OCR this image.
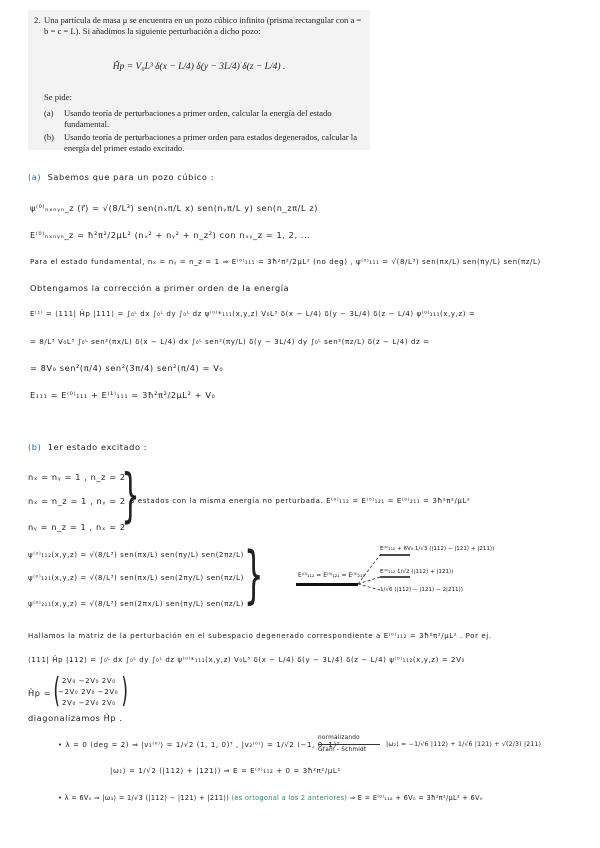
2. Una partícula de masa μ se encuentra en un pozo cúbico infinito (prisma rectangular con a = b = c = L). Si añadimos la siguiente perturbación a dicho pozo:
Ĥp = V₀L³ δ(x − L/4) δ(y − 3L/4) δ(z − L/4) .
Se pide:
(a) Usando teoría de perturbaciones a primer orden, calcular la energía del estado fundamental.
(b) Usando teoría de perturbaciones a primer orden para estados degenerados, calcular la energía del primer estado excitado.
(a) Sabemos que para un pozo cúbico :
ψ⁽⁰⁾ₙₓₙᵧₙ_z (r⃗) = √(8/L³) sen(nₓπ/L x) sen(nᵧπ/L y) sen(n_zπ/L z)
E⁽⁰⁾ₙₓₙᵧₙ_z = ħ²π²/2μL² (nₓ² + nᵧ² + n_z²) con nₓᵧ_z = 1, 2, ...
Para el estado fundamental, nₓ = nᵧ = n_z = 1 ⇒ E⁽⁰⁾₁₁₁ = 3ħ²π²/2μL² (no deg) , ψ⁽⁰⁾₁₁₁ = √(8/L³) sen(πx/L) sen(πy/L) sen(πz/L)
Obtengamos la corrección a primer orden de la energía
E⁽¹⁾ = ⟨111| Ĥp |111⟩ = ∫₀ᴸ dx ∫₀ᴸ dy ∫₀ᴸ dz ψ⁽⁰⁾*₁₁₁(x,y,z) V₀L³ δ(x − L/4) δ(y − 3L/4) δ(z − L/4) ψ⁽⁰⁾₁₁₁(x,y,z) =
= 8/L³ V₀L³ ∫₀ᴸ sen²(πx/L) δ(x − L/4) dx ∫₀ᴸ sen²(πy/L) δ(y − 3L/4) dy ∫₀ᴸ sen²(πz/L) δ(z − L/4) dz =
= 8V₀ sen²(π/4) sen²(3π/4) sen²(π/4) = V₀
E₁₁₁ = E⁽⁰⁾₁₁₁ + E⁽¹⁾₁₁₁ = 3ħ²π²/2μL² + V₀
(b) 1er estado excitado :
nₓ = nᵧ = 1 , n_z = 2
nₓ = n_z = 1 , nᵧ = 2
nᵧ = n_z = 1 , nₓ = 2
}
3 estados con la misma energía no perturbada. E⁽⁰⁾₁₁₂ = E⁽⁰⁾₁₂₁ = E⁽⁰⁾₂₁₁ = 3ħ²π²/μL²
ψ⁽⁰⁾₁₁₂(x,y,z) = √(8/L³) sen(πx/L) sen(πy/L) sen(2πz/L)
ψ⁽⁰⁾₁₂₁(x,y,z) = √(8/L³) sen(πx/L) sen(2πy/L) sen(πz/L)
ψ⁽⁰⁾₂₁₁(x,y,z) = √(8/L³) sen(2πx/L) sen(πy/L) sen(πz/L) }	E⁽⁰⁾₁₁₂ = E⁽⁰⁾₁₂₁ = E⁽⁰⁾₂₁₁
E⁽⁰⁾₁₁₂ + 6V₀ 1/√3 (|112⟩ − |121⟩ + |211⟩)
E⁽⁰⁾₁₁₂ 1/√2 (|112⟩ + |121⟩)
1/√6 (|112⟩ − |121⟩ − 2|211⟩)
Hallamos la matriz de la perturbación en el subespacio degenerado correspondiente a E⁽⁰⁾₁₁₂ = 3ħ²π²/μL² . Por ej.
⟨111| Ĥp |112⟩ = ∫₀ᴸ dx ∫₀ᴸ dy ∫₀ᴸ dz ψ⁽⁰⁾*₁₁₁(x,y,z) V₀L³ δ(x − L/4) δ(y − 3L/4) δ(z − L/4) ψ⁽⁰⁾₁₁₂(x,y,z) = 2V₀
Ĥp = ( 2V₀ −2V₀ 2V₀
−2V₀ 2V₀ −2V₀
2V₀ −2V₀ 2V₀ )
diagonalizamos Ĥp .
• λ = 0 (deg = 2) ⇒ |v₁⁽⁰⁾⟩ = 1/√2 (1, 1, 0)ᵀ , |v₂⁽⁰⁾⟩ = 1/√2 (−1, 0, 1)ᵀ
normalizando
Gram - Schmidt
|ω₂⟩ = −1/√6 |112⟩ + 1/√6 |121⟩ + √(2/3) |211⟩
|ω₁⟩ = 1/√2 (|112⟩ + |121⟩) ⇒ E = E⁽⁰⁾₁₁₂ + 0 = 3ħ²π²/μL²
• λ = 6V₀ ⇒ |ω₃⟩ = 1/√3 (|112⟩ − |121⟩ + |211⟩) (es ortogonal a los 2 anteriores) ⇒ E = E⁽⁰⁾₁₁₂ + 6V₀ = 3ħ²π²/μL² + 6V₀
